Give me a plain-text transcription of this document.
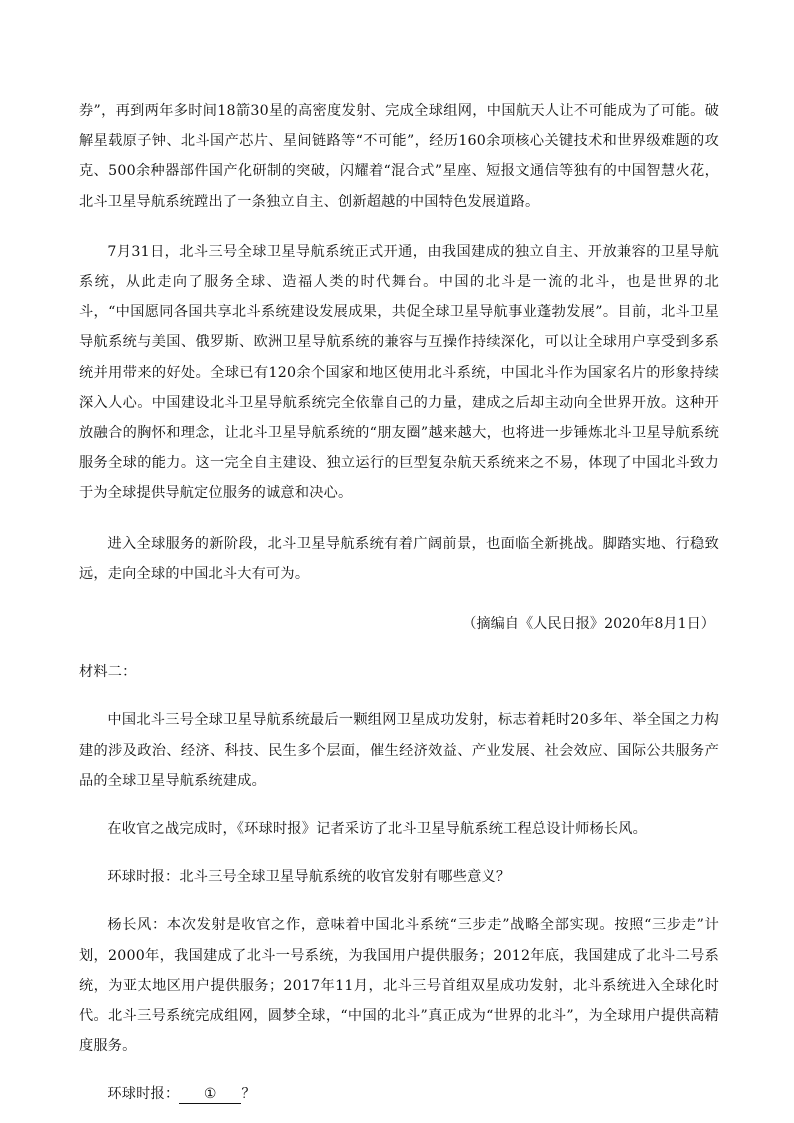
券”，再到两年多时间18箭30星的高密度发射、完成全球组网，中国航天人让不可能成为了可能。破解星载原子钟、北斗国产芯片、星间链路等“不可能”，经历160余项核心关键技术和世界级难题的攻克、500余种器部件国产化研制的突破，闪耀着“混合式”星座、短报文通信等独有的中国智慧火花，北斗卫星导航系统蹚出了一条独立自主、创新超越的中国特色发展道路。

7月31日，北斗三号全球卫星导航系统正式开通，由我国建成的独立自主、开放兼容的卫星导航系统，从此走向了服务全球、造福人类的时代舞台。中国的北斗是一流的北斗，也是世界的北斗，“中国愿同各国共享北斗系统建设发展成果，共促全球卫星导航事业蓬勃发展”。目前，北斗卫星导航系统与美国、俄罗斯、欧洲卫星导航系统的兼容与互操作持续深化，可以让全球用户享受到多系统并用带来的好处。全球已有120余个国家和地区使用北斗系统，中国北斗作为国家名片的形象持续深入人心。中国建设北斗卫星导航系统完全依靠自己的力量，建成之后却主动向全世界开放。这种开放融合的胸怀和理念，让北斗卫星导航系统的“朋友圈”越来越大，也将进一步锤炼北斗卫星导航系统服务全球的能力。这一完全自主建设、独立运行的巨型复杂航天系统来之不易，体现了中国北斗致力于为全球提供导航定位服务的诚意和决心。

进入全球服务的新阶段，北斗卫星导航系统有着广阔前景，也面临全新挑战。脚踏实地、行稳致远，走向全球的中国北斗大有可为。

（摘编自《人民日报》2020年8月1日）

材料二：

中国北斗三号全球卫星导航系统最后一颗组网卫星成功发射，标志着耗时20多年、举全国之力构建的涉及政治、经济、科技、民生多个层面，催生经济效益、产业发展、社会效应、国际公共服务产品的全球卫星导航系统建成。

在收官之战完成时，《环球时报》记者采访了北斗卫星导航系统工程总设计师杨长风。

环球时报：北斗三号全球卫星导航系统的收官发射有哪些意义？

杨长风：本次发射是收官之作，意味着中国北斗系统“三步走”战略全部实现。按照“三步走”计划，2000年，我国建成了北斗一号系统，为我国用户提供服务；2012年底，我国建成了北斗二号系统，为亚太地区用户提供服务；2017年11月，北斗三号首组双星成功发射，北斗系统进入全球化时代。北斗三号系统完成组网，圆梦全球，“中国的北斗”真正成为“世界的北斗”，为全球用户提供高精度服务。

环球时报： ① ？
